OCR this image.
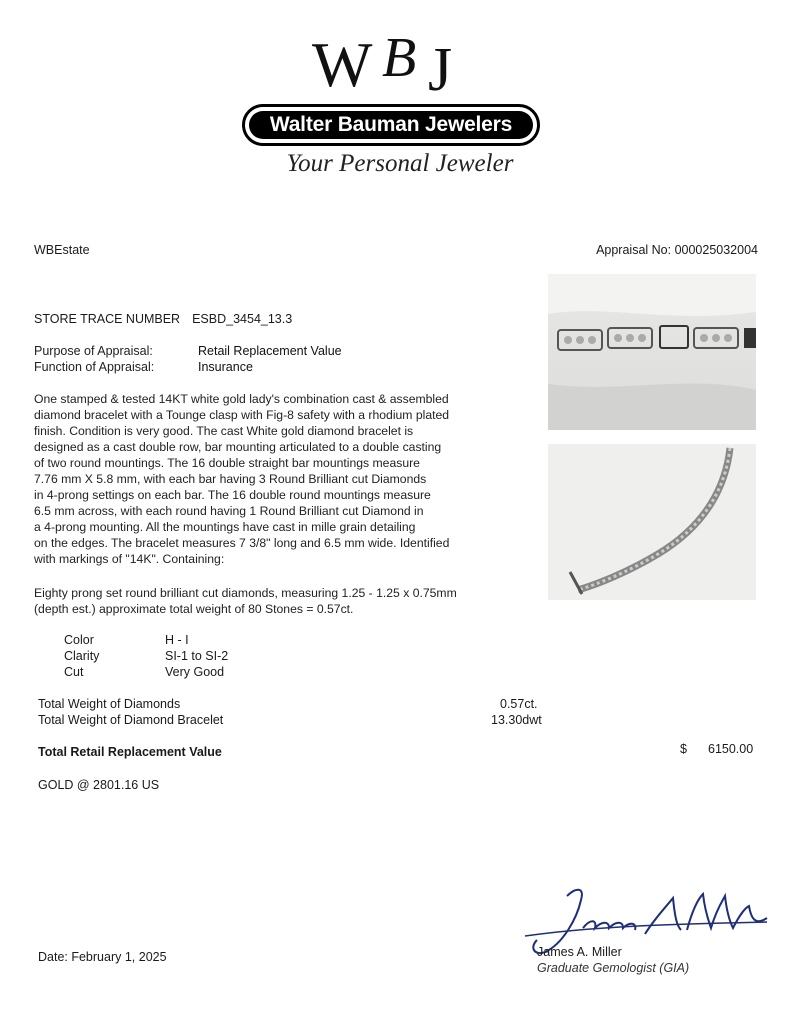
W B J
Walter Bauman Jewelers
Your Personal Jeweler
WBEstate	Appraisal No: 000025032004
STORE TRACE NUMBER ESBD_3454_13.3
Purpose of Appraisal:	Retail Replacement Value
Function of Appraisal:	Insurance
One stamped & tested 14KT white gold lady's combination cast & assembled
diamond bracelet with a Tounge clasp with Fig-8 safety with a rhodium plated
finish. Condition is very good. The cast White gold diamond bracelet is
designed as a cast double row, bar mounting articulated to a double casting
of two round mountings. The 16 double straight bar mountings measure
7.76 mm X 5.8 mm, with each bar having 3 Round Brilliant cut Diamonds
in 4-prong settings on each bar. The 16 double round mountings measure
6.5 mm across, with each round having 1 Round Brilliant cut Diamond in
a 4-prong mounting. All the mountings have cast in mille grain detailing
on the edges. The bracelet measures 7 3/8" long and 6.5 mm wide. Identified
with markings of "14K". Containing:
Eighty prong set round brilliant cut diamonds, measuring 1.25 - 1.25 x 0.75mm
(depth est.) approximate total weight of 80 Stones = 0.57ct.
Color	H - I
Clarity	SI-1 to SI-2
Cut	Very Good
Total Weight of Diamonds	0.57ct.
Total Weight of Diamond Bracelet	13.30dwt
Total Retail Replacement Value	$ 6150.00
GOLD @ 2801.16 US
Date: February 1, 2025	James A. Miller
Graduate Gemologist (GIA)
